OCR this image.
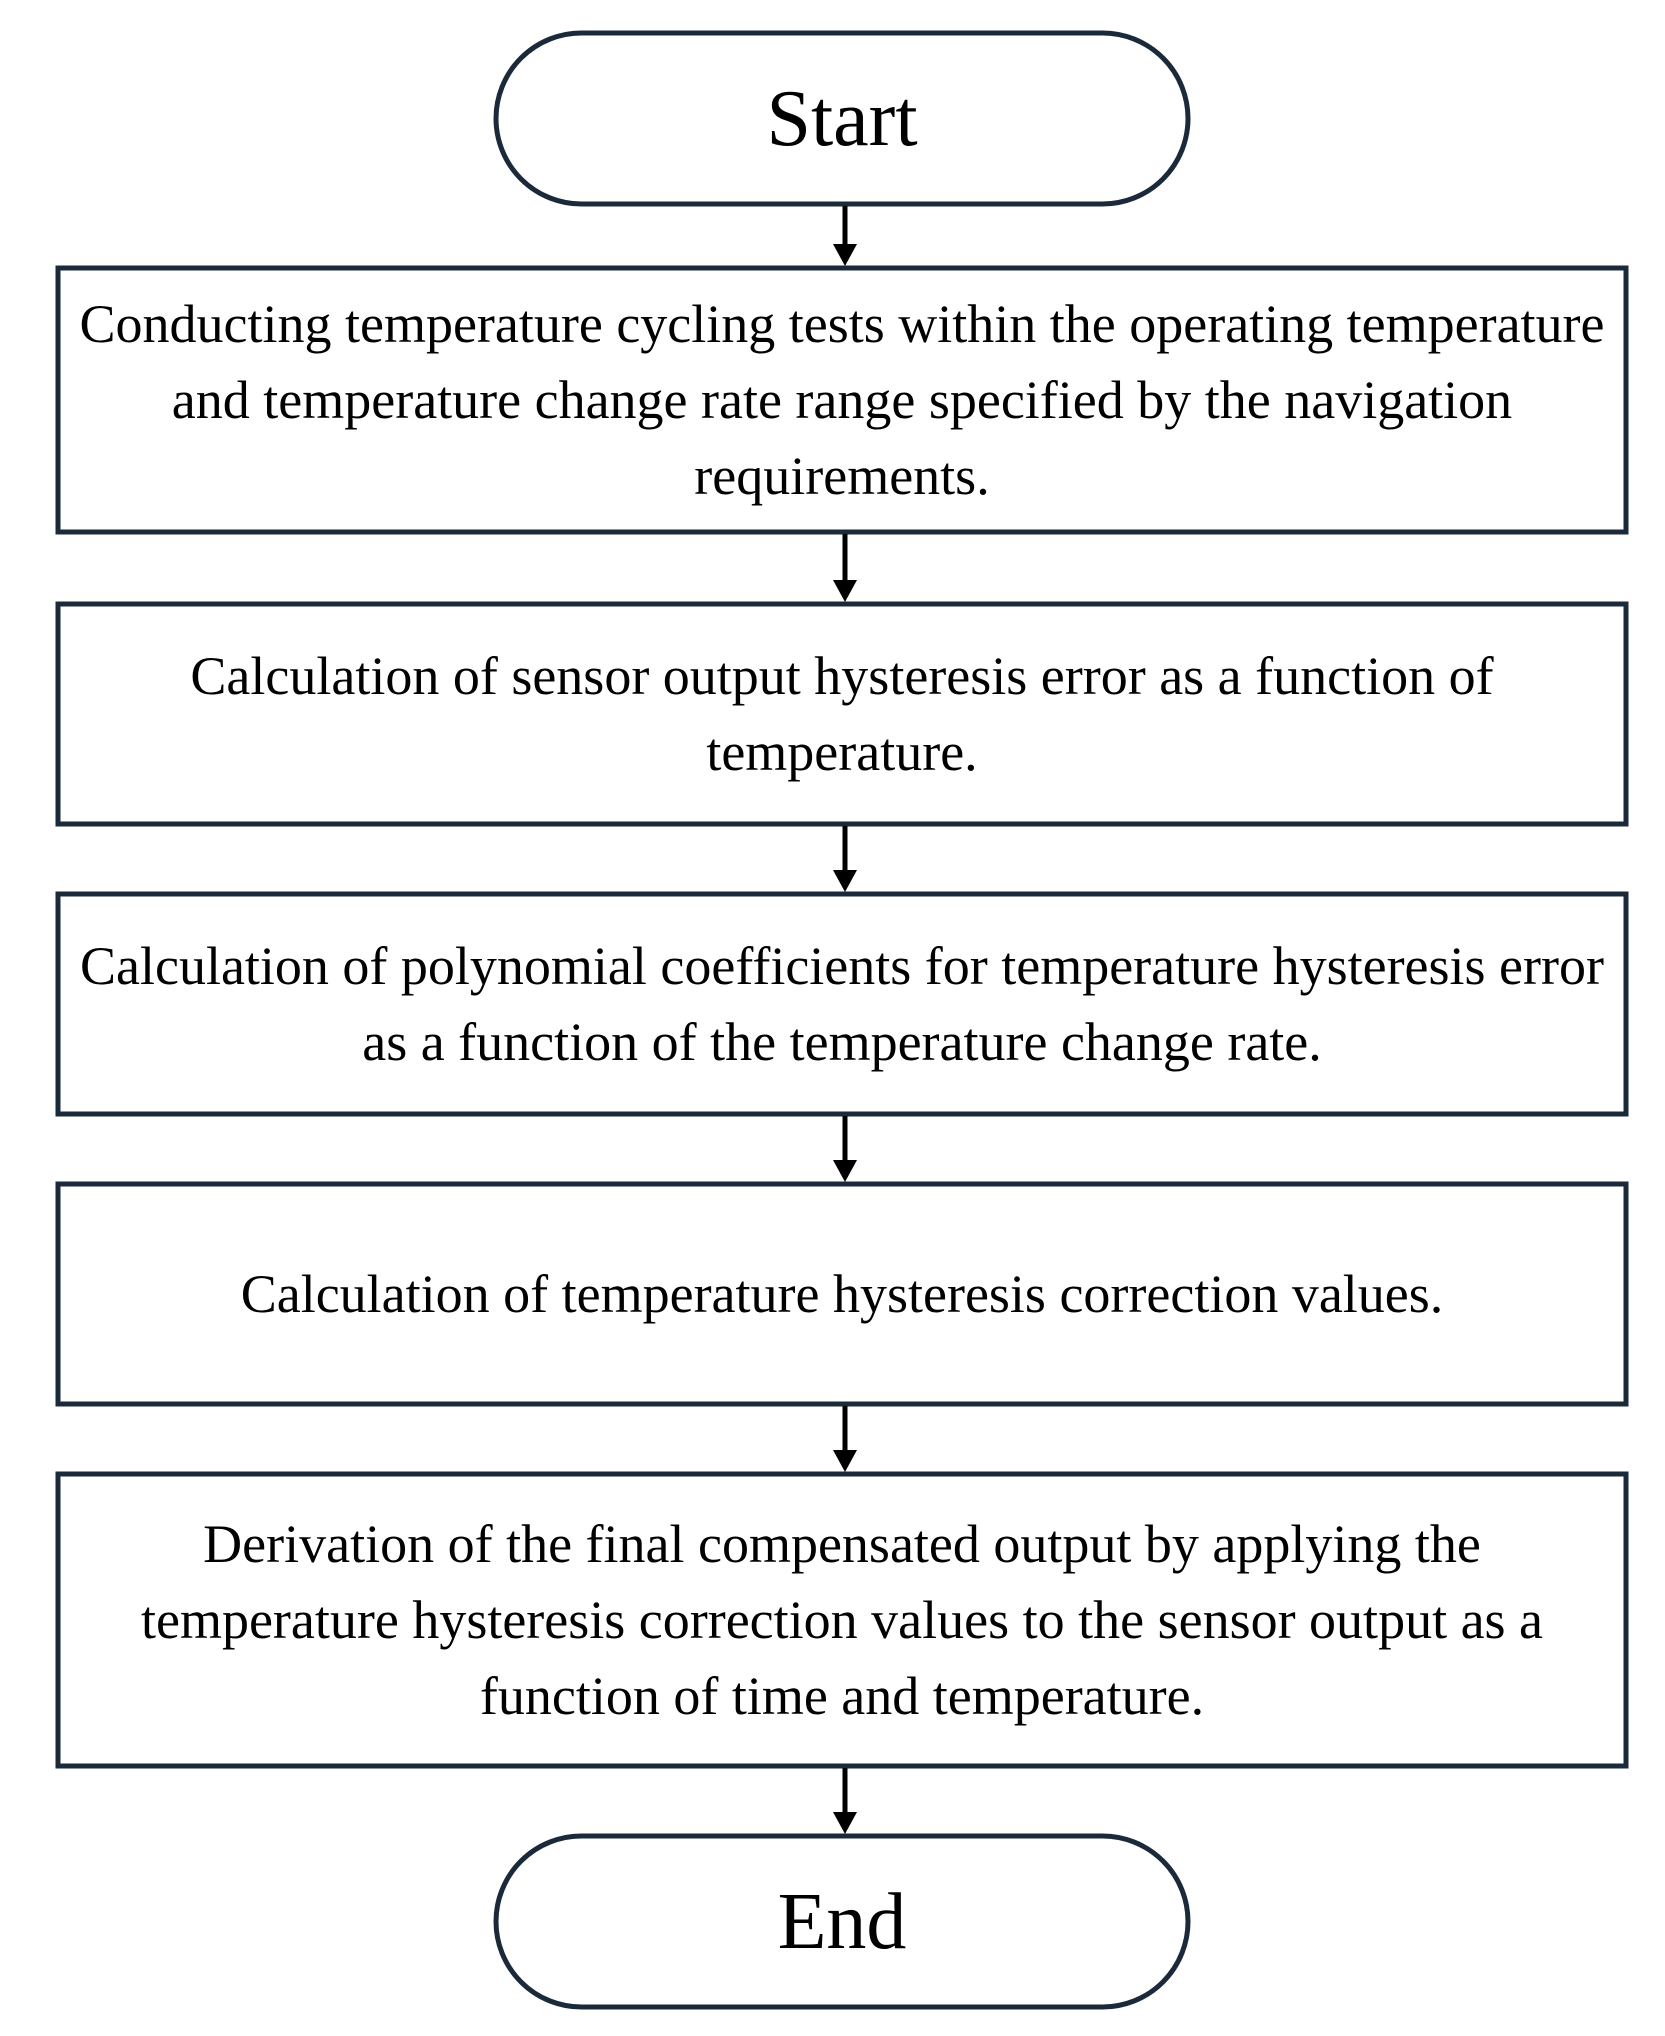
Start
Conducting temperature cycling tests within the operating temperature and temperature change rate range specified by the navigation requirements.
Calculation of sensor output hysteresis error as a function of temperature.
Calculation of polynomial coefficients for temperature hysteresis error as a function of the temperature change rate.
Calculation of temperature hysteresis correction values.
Derivation of the final compensated output by applying the temperature hysteresis correction values to the sensor output as a function of time and temperature.
End
